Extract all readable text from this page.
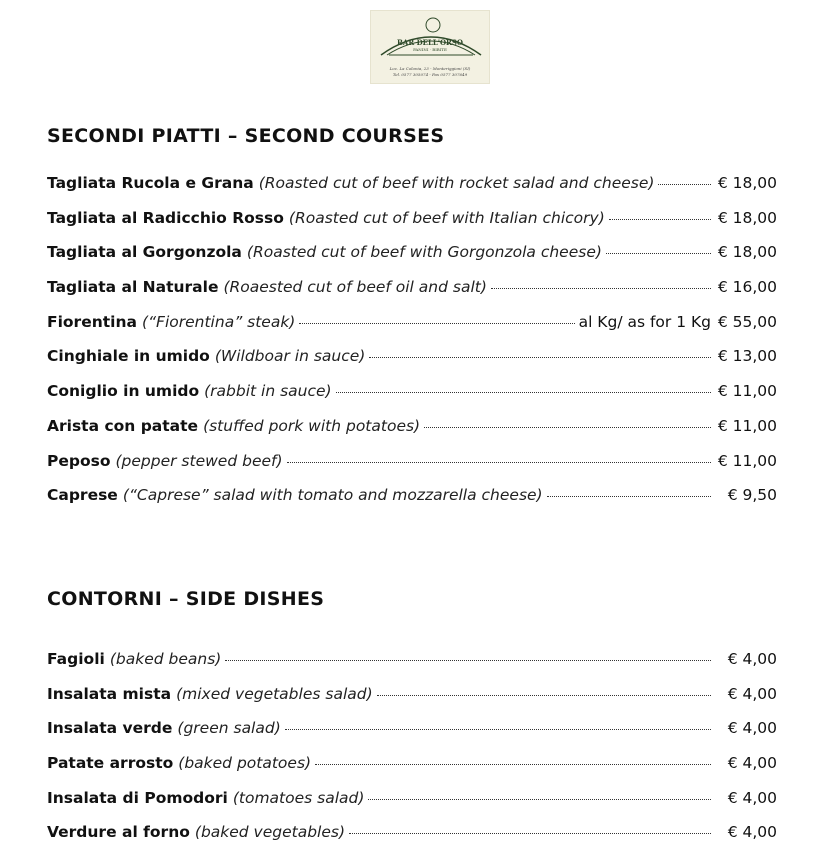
BAR DELL'ORSO
PANINI · BIBITE
Loc. La Colonia, 23 - Monteriggioni (SI)
Tel. 0577 305074 - Fax 0577 307649
SECONDI PIATTI – SECOND COURSES
Tagliata Rucola e Grana (Roasted cut of beef with rocket salad and cheese)	€ 18,00
Tagliata al Radicchio Rosso (Roasted cut of beef with Italian chicory)	€ 18,00
Tagliata al Gorgonzola (Roasted cut of beef with Gorgonzola cheese)	€ 18,00
Tagliata al Naturale (Roaested cut of beef oil and salt)	€ 16,00
Fiorentina (“Fiorentina” steak)	al Kg/ as for 1 Kg € 55,00
Cinghiale in umido (Wildboar in sauce)	€ 13,00
Coniglio in umido (rabbit in sauce)	€ 11,00
Arista con patate (stuffed pork with potatoes)	€ 11,00
Peposo (pepper stewed beef)	€ 11,00
Caprese (“Caprese” salad with tomato and mozzarella cheese)	€ 9,50
CONTORNI – SIDE DISHES
Fagioli (baked beans)	€ 4,00
Insalata mista (mixed vegetables salad)	€ 4,00
Insalata verde (green salad)	€ 4,00
Patate arrosto (baked potatoes)	€ 4,00
Insalata di Pomodori (tomatoes salad)	€ 4,00
Verdure al forno (baked vegetables)	€ 4,00
